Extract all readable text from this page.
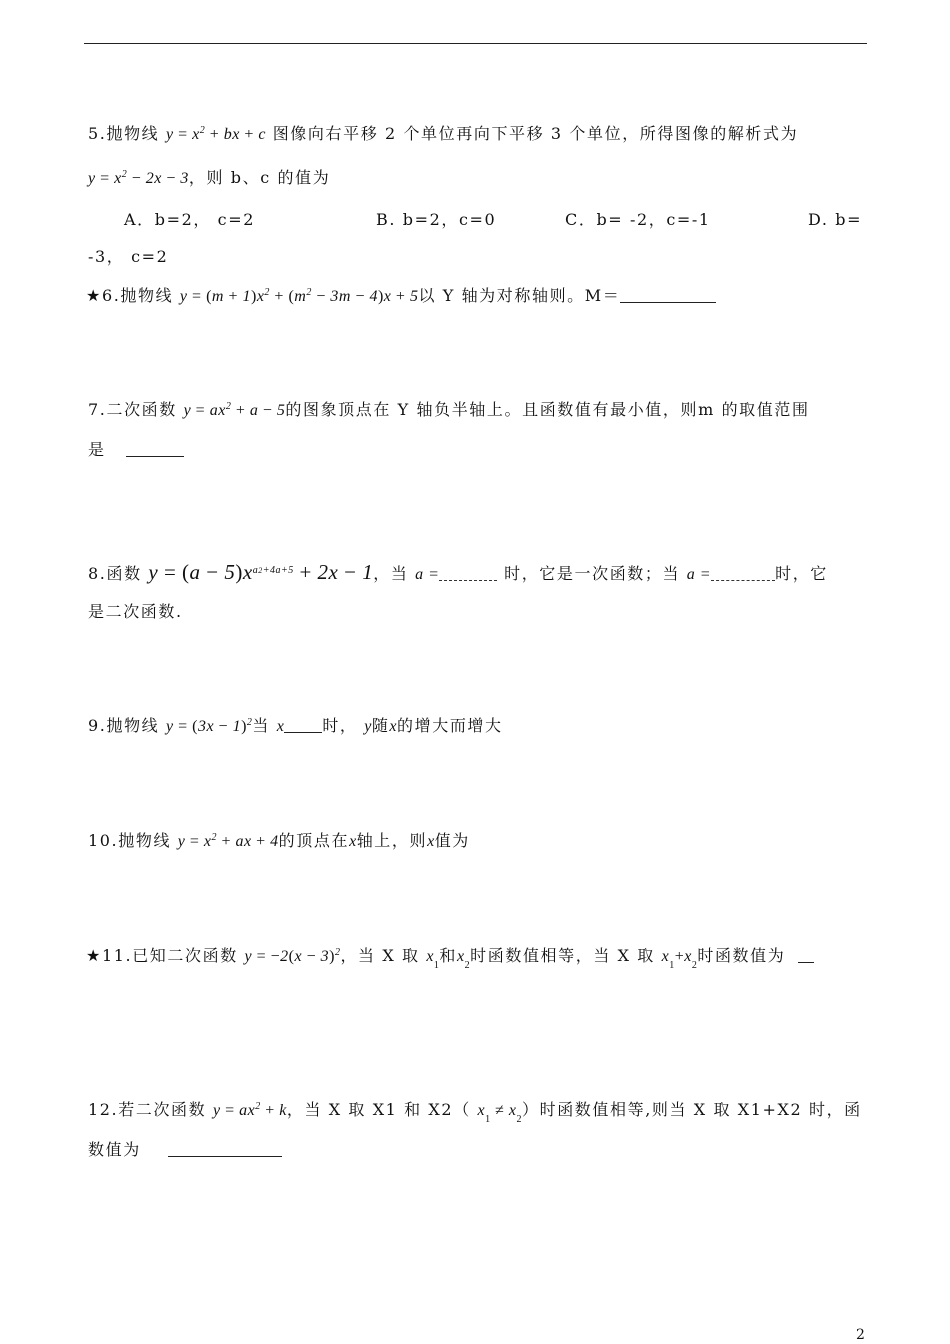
5.抛物线 $y = x^2$ + bx + c 图像向右平移 2 个单位再向下平移 3 个单位，所得图像的解析式为
$y = x^2 - 2x - 3$，则 b、c 的值为
A．b=2， c=2	B. b=2，c=0	C．b= -2，c=-1	D. b=
-3， c=2
★6.抛物线 $y = (m + 1)x^2 + (m^2 - 3m - 4)x + 5$以 Y 轴为对称轴则。M＝
7.二次函数 $y = ax^2 + a - 5$的图象顶点在 Y 轴负半轴上。且函数值有最小值，则m 的取值范围
是
8.函数 $y = (a - 5)x^{a2+4a+5} + 2x - 1$，当 a =	时，它是一次函数；当 a =	时，它
是二次函数.
9.抛物线 $y = (3x - 1)^2$当 x 时， y随x的增大而增大
10.抛物线 $y = x^2$ + ax + 4的顶点在x轴上，则x值为
★11.已知二次函数 $y = -2(x - 3)^2$，当 X 取 $x_1$和$x_2$时函数值相等，当 X 取 $x_1+x_2$时函数值为
12.若二次函数 $y = ax^2 + k$，当 X 取 X1 和 X2（ $x_1 \ne x_2$）时函数值相等,则当 X 取 X1+X2 时，函
数值为
2
